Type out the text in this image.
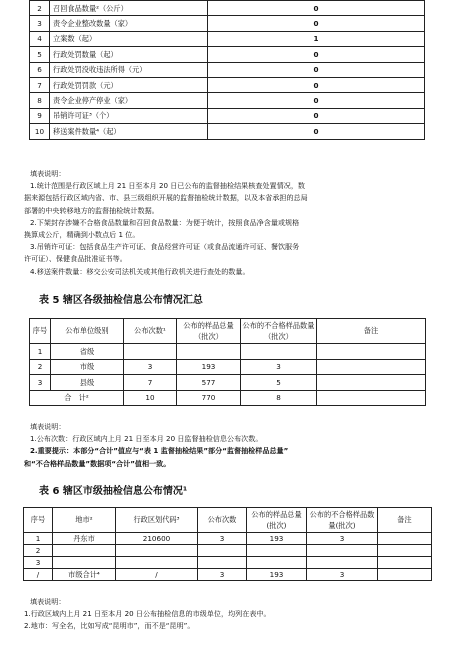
2	召回食品数量²（公斤）	0
3	责令企业整改数量（家）	0
4	立案数（起）	1
5	行政处罚数量（起）	0
6	行政处罚没收违法所得（元）	0
7	行政处罚罚款（元）	0
8	责令企业停产停业（家）	0
9	吊销许可证³（个）	0
10	移送案件数量⁴（起）	0
填表说明：
1.统计范围是行政区域上月 21 日至本月 20 日已公布的监督抽检结果核查处置情况，数
据来源包括行政区域内省、市、县三级组织开展的监督抽检统计数据，以及本省承担的总局
部署的中央转移地方的监督抽检统计数据。
2.下架封存涉嫌不合格食品数量和召回食品数量：为便于统计，按照食品净含量或规格
换算成公斤，精确到小数点后 1 位。
3.吊销许可证：包括食品生产许可证、食品经营许可证（或食品流通许可证、餐饮服务
许可证）、保健食品批准证书等。
4.移送案件数量：移交公安司法机关或其他行政机关进行查处的数量。
表 5 辖区各级抽检信息公布情况汇总
序号	公布单位级别	公布次数¹	公布的样品总量（批次）	公布的不合格样品数量（批次）	备注
1	省级				
2	市级	3	193	3	
3	县级	7	577	5	
合　计²		10	770	8	
填表说明：
1.公布次数：行政区域内上月 21 日至本月 20 日监督抽检信息公布次数。
2.重要提示：本部分“合计”值应与“表 1 监督抽检结果”部分“监督抽检样品总量”
和“不合格样品数量”数据项“合计”值相一致。
表 6 辖区市级抽检信息公布情况¹
序号	地市²	行政区划代码³	公布次数	公布的样品总量(批次)	公布的不合格样品数量(批次)	备注
1	丹东市	210600	3	193	3	
2						
3						
/	市级合计⁴	/	3	193	3	
填表说明：
1.行政区域内上月 21 日至本月 20 日公布抽检信息的市级单位，均列在表中。
2.地市：写全名，比如写成“昆明市”，而不是“昆明”。
